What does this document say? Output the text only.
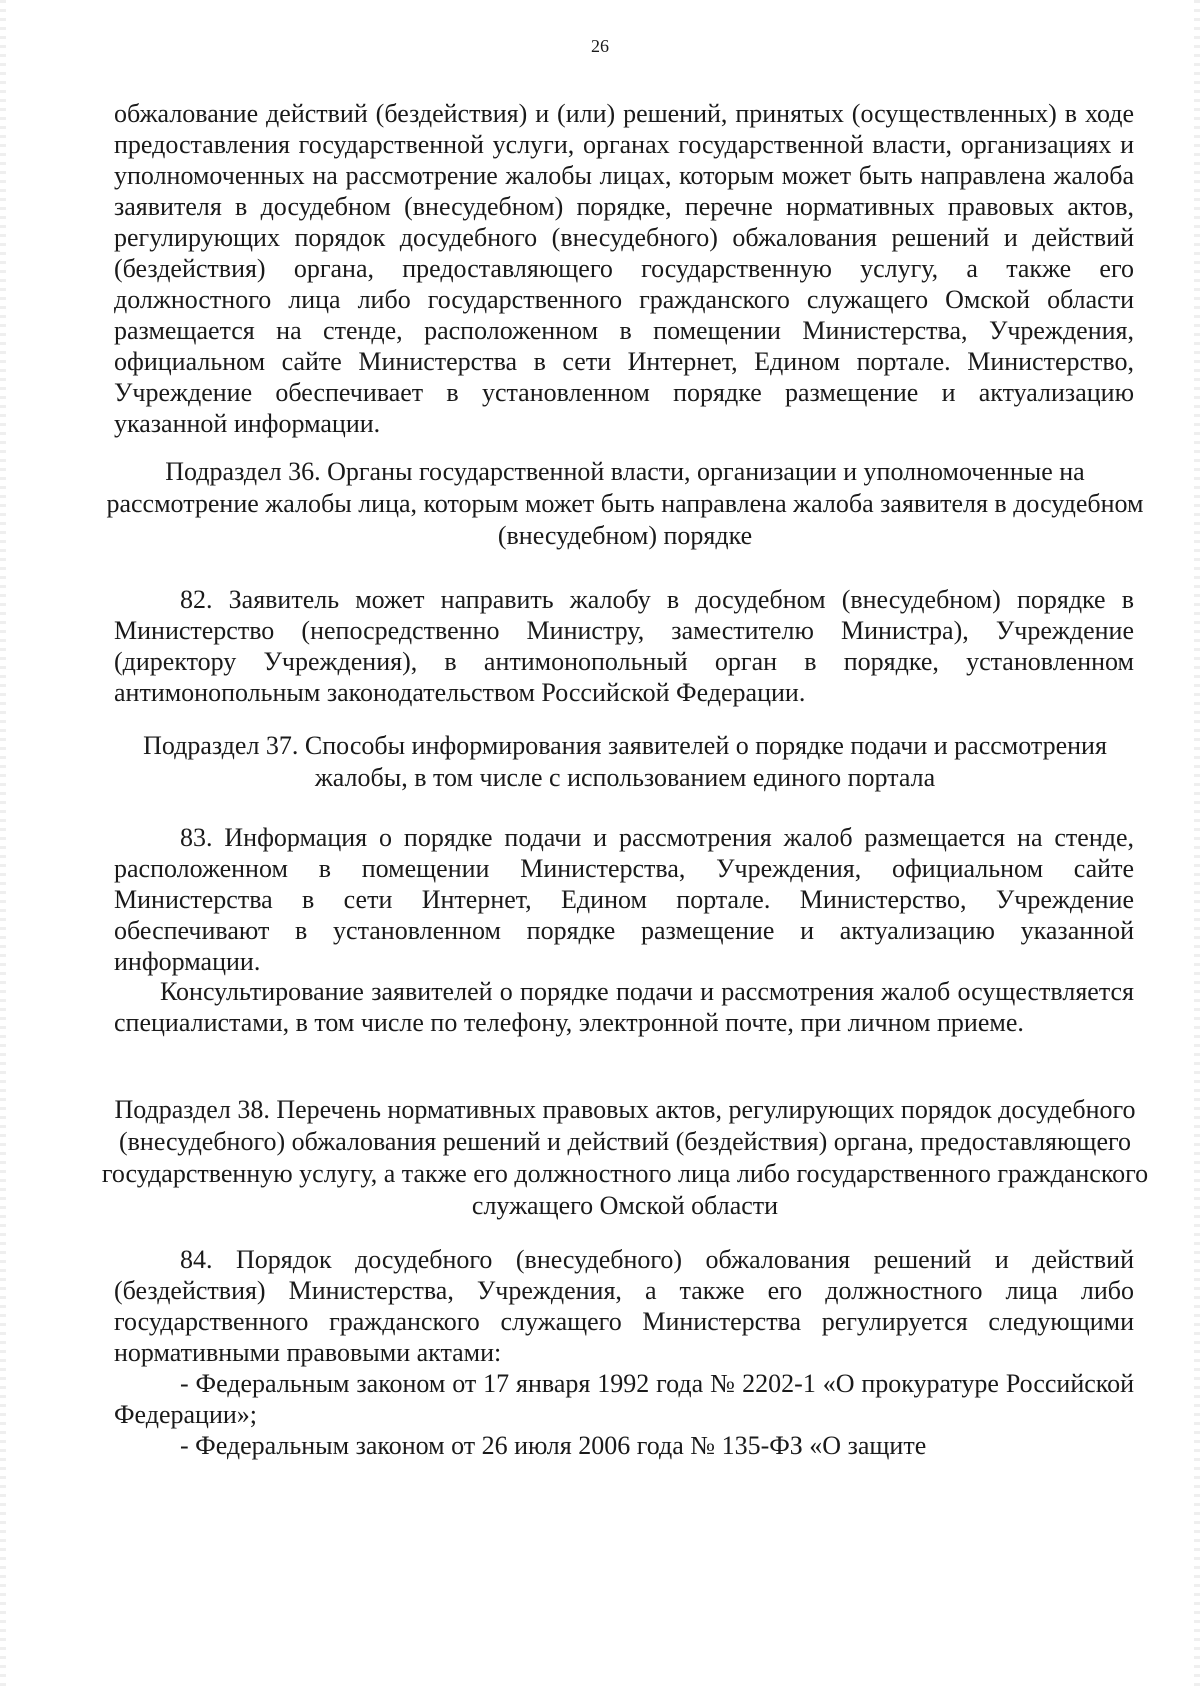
26

обжалование действий (бездействия) и (или) решений, принятых (осуществленных) в ходе предоставления государственной услуги, органах государственной власти, организациях и уполномоченных на рассмотрение жалобы лицах, которым может быть направлена жалоба заявителя в досудебном (внесудебном) порядке, перечне нормативных правовых актов, регулирующих порядок досудебного (внесудебного) обжалования решений и действий (бездействия) органа, предоставляющего государственную услугу, а также его должностного лица либо государственного гражданского служащего Омской области размещается на стенде, расположенном в помещении Министерства, Учреждения, официальном сайте Министерства в сети Интернет, Едином портале. Министерство, Учреждение обеспечивает в установленном порядке размещение и актуализацию указанной информации.

Подраздел 36. Органы государственной власти, организации и уполномоченные на рассмотрение жалобы лица, которым может быть направлена жалоба заявителя в досудебном (внесудебном) порядке

82. Заявитель может направить жалобу в досудебном (внесудебном) порядке в Министерство (непосредственно Министру, заместителю Министра), Учреждение (директору Учреждения), в антимонопольный орган в порядке, установленном антимонопольным законодательством Российской Федерации.

Подраздел 37. Способы информирования заявителей о порядке подачи и рассмотрения жалобы, в том числе с использованием единого портала

83. Информация о порядке подачи и рассмотрения жалоб размещается на стенде, расположенном в помещении Министерства, Учреждения, официальном сайте Министерства в сети Интернет, Едином портале. Министерство, Учреждение обеспечивают в установленном порядке размещение и актуализацию указанной информации.

Консультирование заявителей о порядке подачи и рассмотрения жалоб осуществляется специалистами, в том числе по телефону, электронной почте, при личном приеме.

Подраздел 38. Перечень нормативных правовых актов, регулирующих порядок досудебного (внесудебного) обжалования решений и действий (бездействия) органа, предоставляющего государственную услугу, а также его должностного лица либо государственного гражданского служащего Омской области

84. Порядок досудебного (внесудебного) обжалования решений и действий (бездействия) Министерства, Учреждения, а также его должностного лица либо государственного гражданского служащего Министерства регулируется следующими нормативными правовыми актами:

- Федеральным законом от 17 января 1992 года № 2202-1 «О прокуратуре Российской Федерации»;

- Федеральным законом от 26 июля 2006 года № 135-ФЗ «О защите
